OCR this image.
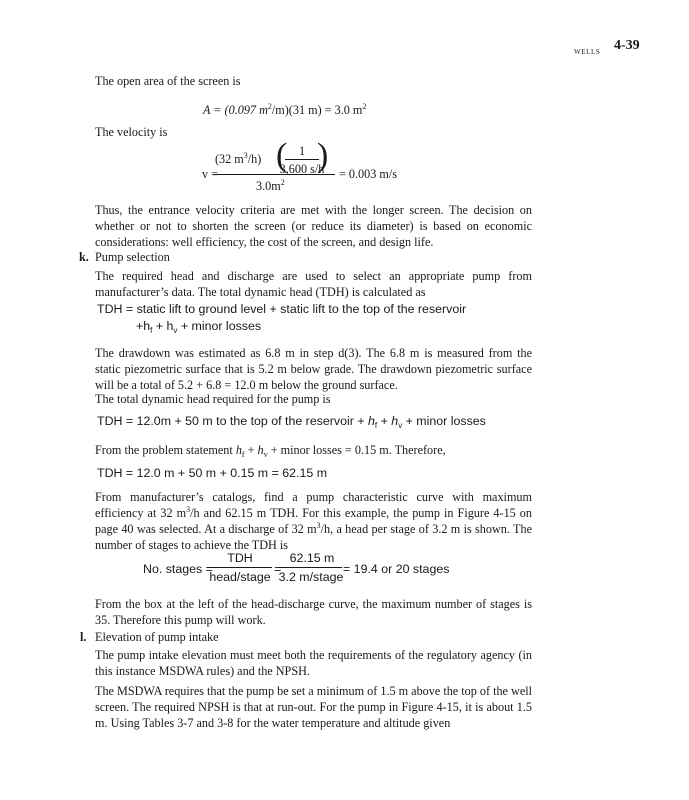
WELLS 4-39
The open area of the screen is
A = (0.097 $m^2/m)(31$ m) = 3.0 $m^2$
The velocity is
v =
(32 $m^3/h$) ( 1
3,600 s/h
)
$3.0m^2$
= 0.003 m/s
Thus, the entrance velocity criteria are met with the longer screen. The decision on whether or not to shorten the screen (or reduce its diameter) is based on economic considerations: well efficiency, the cost of the screen, and design life.
k. Pump selection
The required head and discharge are used to select an appropriate pump from manufacturer’s data. The total dynamic head (TDH) is calculated as
TDH = static lift to ground level + static lift to the top of the reservoir
$+h_f + h_v$ + minor losses
The drawdown was estimated as 6.8 m in step d(3). The 6.8 m is measured from the static piezometric surface that is 5.2 m below grade. The drawdown piezometric surface will be a total of 5.2 + 6.8 = 12.0 m below the ground surface.
The total dynamic head required for the pump is
TDH = 12.0m + 50 m to the top of the reservoir + $h_f + h_v$ + minor losses
From the problem statement $h_f + h_v$ + minor losses = 0.15 m. Therefore,
TDH = 12.0 m + 50 m + 0.15 m = 62.15 m
From manufacturer’s catalogs, find a pump characteristic curve with maximum efficiency at 32 $m^3/h$ and 62.15 m TDH. For this example, the pump in Figure 4-15 on page 40 was selected. At a discharge of 32 $m^3/h$, a head per stage of 3.2 m is shown. The number of stages to achieve the TDH is
No. stages =
TDH
head/stage
=
62.15 m
3.2 m/stage
= 19.4 or 20 stages
From the box at the left of the head-discharge curve, the maximum number of stages is 35. Therefore this pump will work.
l. Elevation of pump intake
The pump intake elevation must meet both the requirements of the regulatory agency (in this instance MSDWA rules) and the NPSH.
The MSDWA requires that the pump be set a minimum of 1.5 m above the top of the well screen. The required NPSH is that at run-out. For the pump in Figure 4-15, it is about 1.5 m. Using Tables 3-7 and 3-8 for the water temperature and altitude given
